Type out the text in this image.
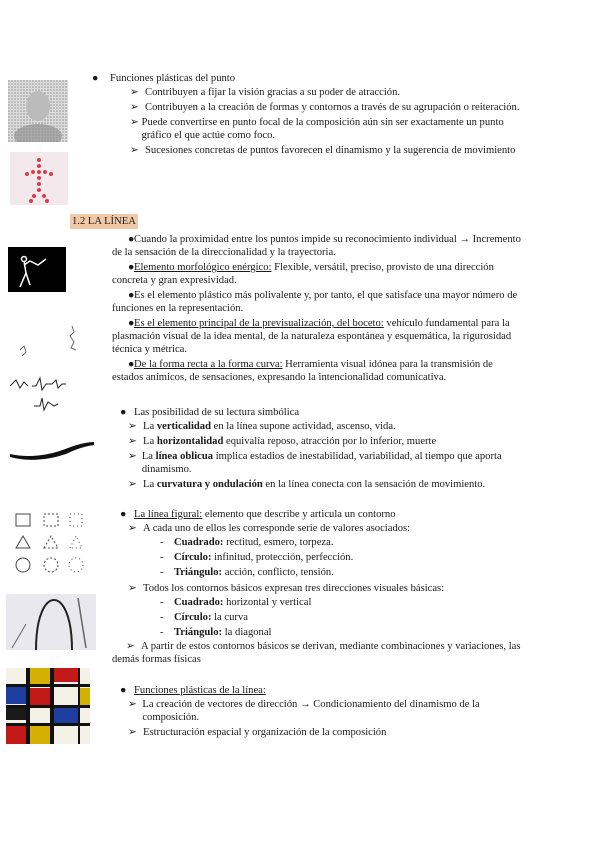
● Funciones plásticas del punto
➢ Contribuyen a fijar la visión gracias a su poder de atracción.
➢ Contribuyen a la creación de formas y contornos a través de su agrupación o reiteración.
➢ Puede convertirse en punto focal de la composición aún sin ser exactamente un punto gráfico el que actúe como foco.
➢ Sucesiones concretas de puntos favorecen el dinamismo y la sugerencia de movimiento
1.2 LA LÍNEA

●Cuando la proximidad entre los puntos impide su reconocimiento individual → Incremento de la sensación de la direccionalidad y la trayectoria.

●Elemento morfológico enérgico: Flexible, versátil, preciso, provisto de una dirección concreta y gran expresividad.

●Es el elemento plástico más polivalente y, por tanto, el que satisface una mayor número de funciones en la representación.

●Es el elemento principal de la previsualización, del boceto: vehículo fundamental para la plasmación visual de la idea mental, de la naturaleza espontánea y esquemática, la rigurosidad técnica y métrica.

●De la forma recta a la forma curva: Herramienta visual idónea para la transmisión de estados anímicos, de sensaciones, expresando la intencionalidad comunicativa.

● Las posibilidad de su lectura simbólica
➢ La verticalidad en la línea supone actividad, ascenso, vida.
➢ La horizontalidad equivalía reposo, atracción por lo inferior, muerte
➢ La línea oblicua implica estadios de inestabilidad, variabilidad, al tiempo que aporta dinamismo.
➢ La curvatura y ondulación en la línea conecta con la sensación de movimiento.
● La línea figural: elemento que describe y articula un contorno
➢ A cada uno de ellos les corresponde serie de valores asociados:
- Cuadrado: rectitud, esmero, torpeza.
- Círculo: infinitud, protección, perfección.
- Triángulo: acción, conflicto, tensión.
➢ Todos los contornos básicos expresan tres direcciones visuales básicas:
- Cuadrado: horizontal y vertical
- Círculo: la curva
- Triángulo: la diagonal
➢ A partir de estos contornos básicos se derivan, mediante combinaciones y variaciones, las demás formas físicas
● Funciones plásticas de la línea:
➢ La creación de vectores de dirección → Condicionamiento del dinamismo de la composición.
➢ Estructuración espacial y organización de la composición
